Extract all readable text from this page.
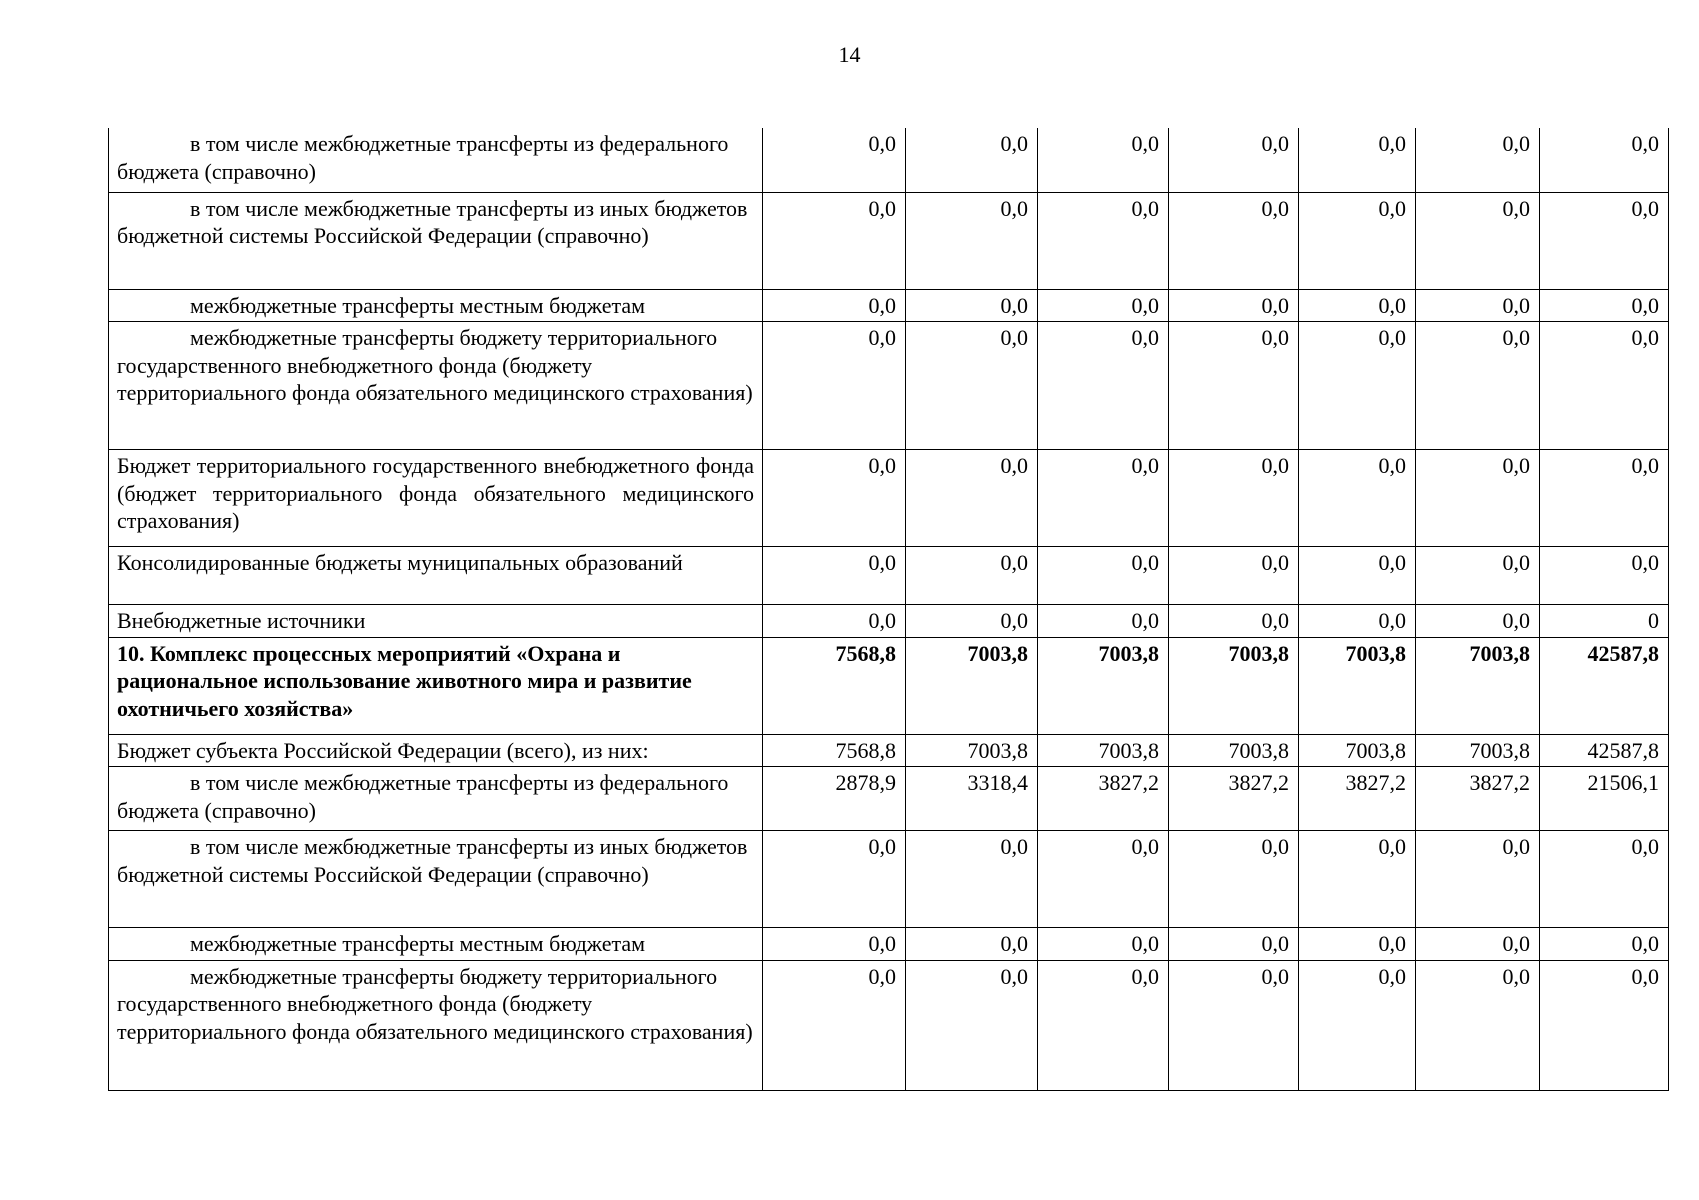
14
в том числе межбюджетные трансферты из федерального бюджета (справочно)	0,0	0,0	0,0	0,0	0,0	0,0	0,0

в том числе межбюджетные трансферты из иных бюджетов бюджетной системы Российской Федерации (справочно)	0,0	0,0	0,0	0,0	0,0	0,0	0,0

межбюджетные трансферты местным бюджетам	0,0	0,0	0,0	0,0	0,0	0,0	0,0

межбюджетные трансферты бюджету территориального государственного внебюджетного фонда (бюджету территориального фонда обязательного медицинского страхования)	0,0	0,0	0,0	0,0	0,0	0,0	0,0

Бюджет территориального государственного внебюджетного фонда (бюджет территориального фонда обязательного медицинского страхования)	0,0	0,0	0,0	0,0	0,0	0,0	0,0

Консолидированные бюджеты муниципальных образований	0,0	0,0	0,0	0,0	0,0	0,0	0,0

Внебюджетные источники	0,0	0,0	0,0	0,0	0,0	0,0	0

10. Комплекс процессных мероприятий «Охрана и рациональное использование животного мира и развитие охотничьего хозяйства»	7568,8	7003,8	7003,8	7003,8	7003,8	7003,8	42587,8

Бюджет субъекта Российской Федерации (всего), из них:	7568,8	7003,8	7003,8	7003,8	7003,8	7003,8	42587,8

в том числе межбюджетные трансферты из федерального бюджета (справочно)	2878,9	3318,4	3827,2	3827,2	3827,2	3827,2	21506,1

в том числе межбюджетные трансферты из иных бюджетов бюджетной системы Российской Федерации (справочно)	0,0	0,0	0,0	0,0	0,0	0,0	0,0

межбюджетные трансферты местным бюджетам	0,0	0,0	0,0	0,0	0,0	0,0	0,0

межбюджетные трансферты бюджету территориального государственного внебюджетного фонда (бюджету территориального фонда обязательного медицинского страхования)	0,0	0,0	0,0	0,0	0,0	0,0	0,0
